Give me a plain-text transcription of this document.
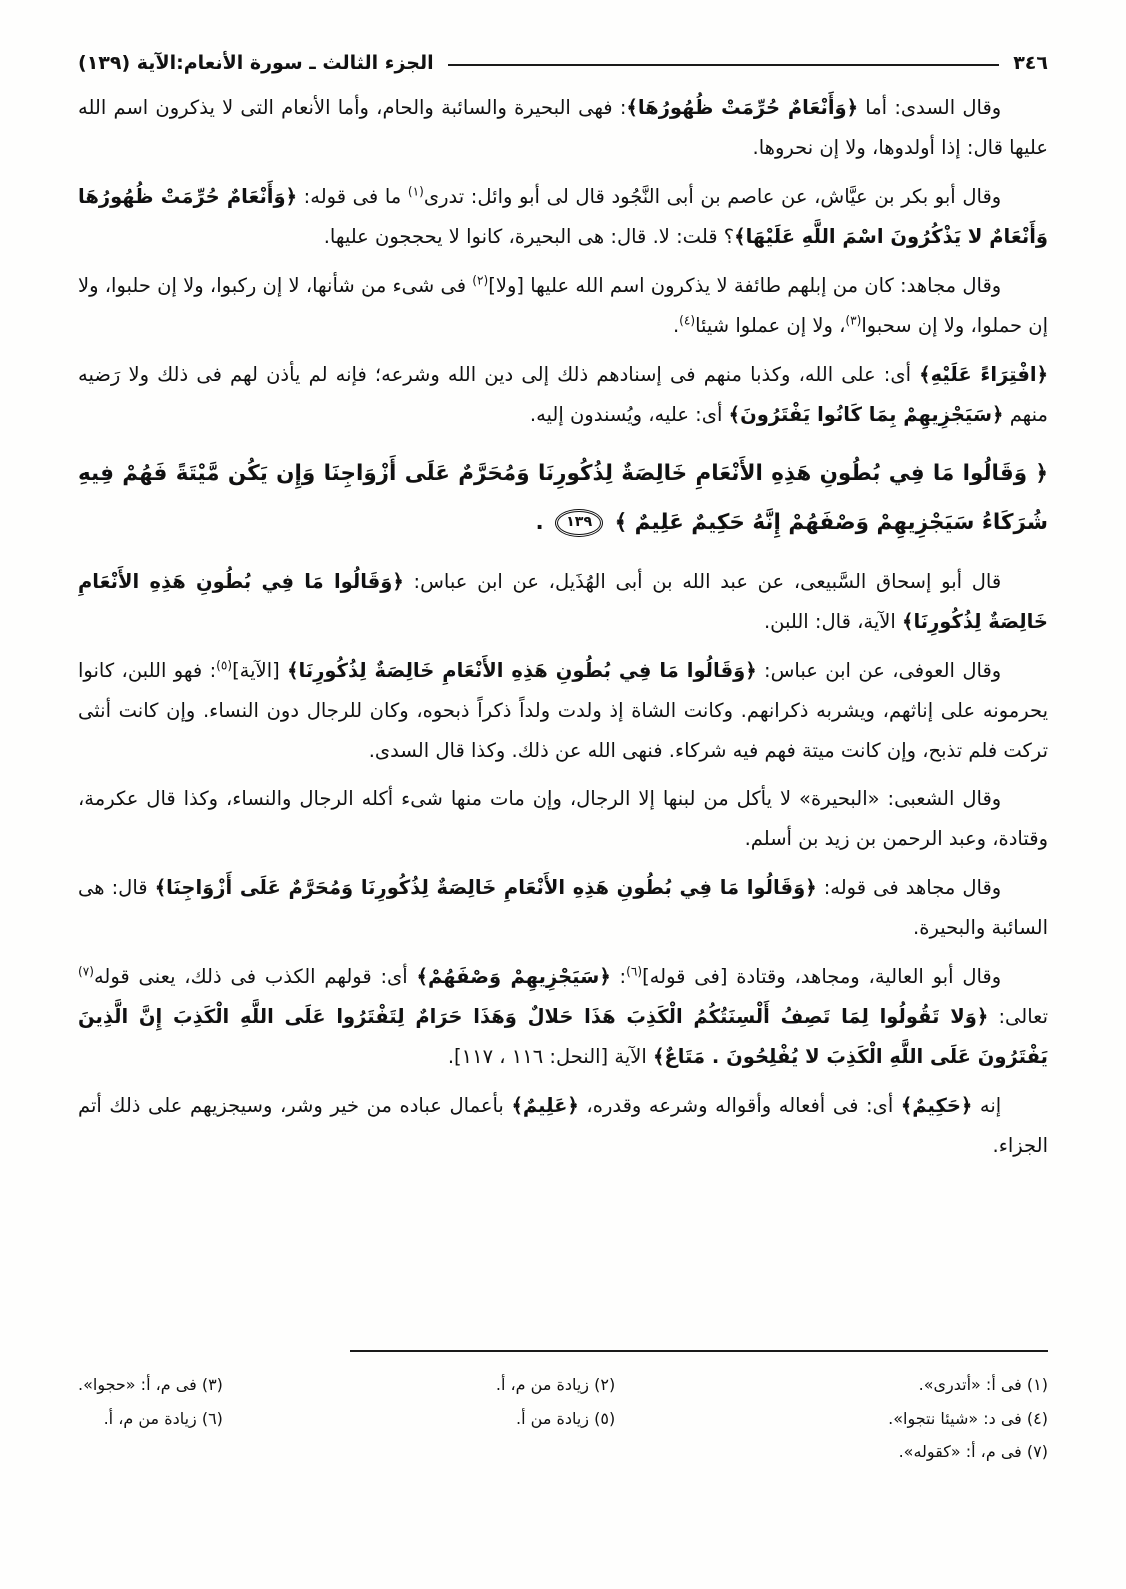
٣٤٦
الجزء الثالث ـ سورة الأنعام:الآية (١٣٩)

وقال السدى: أما ﴿وَأَنْعَامٌ حُرِّمَتْ ظُهُورُهَا﴾: فهى البحيرة والسائبة والحام، وأما الأنعام التى لا يذكرون اسم الله عليها قال: إذا أولدوها، ولا إن نحروها.

وقال أبو بكر بن عيَّاش، عن عاصم بن أبى النَّجُود قال لى أبو وائل: تدرى$^{(١)}$ ما فى قوله: ﴿وَأَنْعَامٌ حُرِّمَتْ ظُهُورُهَا وَأَنْعَامٌ لا يَذْكُرُونَ اسْمَ اللَّهِ عَلَيْهَا﴾؟ قلت: لا. قال: هى البحيرة، كانوا لا يحججون عليها.

وقال مجاهد: كان من إبلهم طائفة لا يذكرون اسم الله عليها [ولا]$^{(٢)}$ فى شىء من شأنها، لا إن ركبوا، ولا إن حلبوا، ولا إن حملوا، ولا إن سحبوا$^{(٣)}$، ولا إن عملوا شيئا$^{(٤)}$.

﴿افْتِرَاءً عَلَيْهِ﴾ أى: على الله، وكذبا منهم فى إسنادهم ذلك إلى دين الله وشرعه؛ فإنه لم يأذن لهم فى ذلك ولا رَضيه منهم ﴿سَيَجْزِيهِمْ بِمَا كَانُوا يَفْتَرُونَ﴾ أى: عليه، ويُسندون إليه.

﴿ وَقَالُوا مَا فِي بُطُونِ هَذِهِ الأَنْعَامِ خَالِصَةٌ لِذُكُورِنَا وَمُحَرَّمٌ عَلَى أَزْوَاجِنَا وَإِن يَكُن مَّيْتَةً فَهُمْ فِيهِ شُرَكَاءُ سَيَجْزِيهِمْ وَصْفَهُمْ إِنَّهُ حَكِيمٌ عَلِيمٌ ﴾ ١٣٩ .

قال أبو إسحاق السَّبيعى، عن عبد الله بن أبى الهُذَيل، عن ابن عباس: ﴿وَقَالُوا مَا فِي بُطُونِ هَذِهِ الأَنْعَامِ خَالِصَةٌ لِذُكُورِنَا﴾ الآية، قال: اللبن.

وقال العوفى، عن ابن عباس: ﴿وَقَالُوا مَا فِي بُطُونِ هَذِهِ الأَنْعَامِ خَالِصَةٌ لِذُكُورِنَا﴾ [الآية]$^{(٥)}$: فهو اللبن، كانوا يحرمونه على إناثهم، ويشربه ذكرانهم. وكانت الشاة إذ ولدت ولداً ذكراً ذبحوه، وكان للرجال دون النساء. وإن كانت أنثى تركت فلم تذبح، وإن كانت ميتة فهم فيه شركاء. فنهى الله عن ذلك. وكذا قال السدى.

وقال الشعبى: «البحيرة» لا يأكل من لبنها إلا الرجال، وإن مات منها شىء أكله الرجال والنساء، وكذا قال عكرمة، وقتادة، وعبد الرحمن بن زيد بن أسلم.

وقال مجاهد فى قوله: ﴿وَقَالُوا مَا فِي بُطُونِ هَذِهِ الأَنْعَامِ خَالِصَةٌ لِذُكُورِنَا وَمُحَرَّمٌ عَلَى أَزْوَاجِنَا﴾ قال: هى السائبة والبحيرة.

وقال أبو العالية، ومجاهد، وقتادة [فى قوله]$^{(٦)}$: ﴿سَيَجْزِيهِمْ وَصْفَهُمْ﴾ أى: قولهم الكذب فى ذلك، يعنى قوله$^{(٧)}$ تعالى: ﴿وَلا تَقُولُوا لِمَا تَصِفُ أَلْسِنَتُكُمُ الْكَذِبَ هَذَا حَلالٌ وَهَذَا حَرَامٌ لِتَفْتَرُوا عَلَى اللَّهِ الْكَذِبَ إِنَّ الَّذِينَ يَفْتَرُونَ عَلَى اللَّهِ الْكَذِبَ لا يُفْلِحُونَ . مَتَاعٌ﴾ الآية [النحل: ١١٦ ، ١١٧].

إنه ﴿حَكِيمٌ﴾ أى: فى أفعاله وأقواله وشرعه وقدره، ﴿عَلِيمٌ﴾ بأعمال عباده من خير وشر، وسيجزيهم على ذلك أتم الجزاء.

(١) فى أ: «أتدرى».
(٤) فى د: «شيئا نتجوا».
(٧) فى م، أ: «كقوله».
(٢) زيادة من م، أ.
(٥) زيادة من أ.
(٣) فى م، أ: «حجوا».
(٦) زيادة من م، أ.
